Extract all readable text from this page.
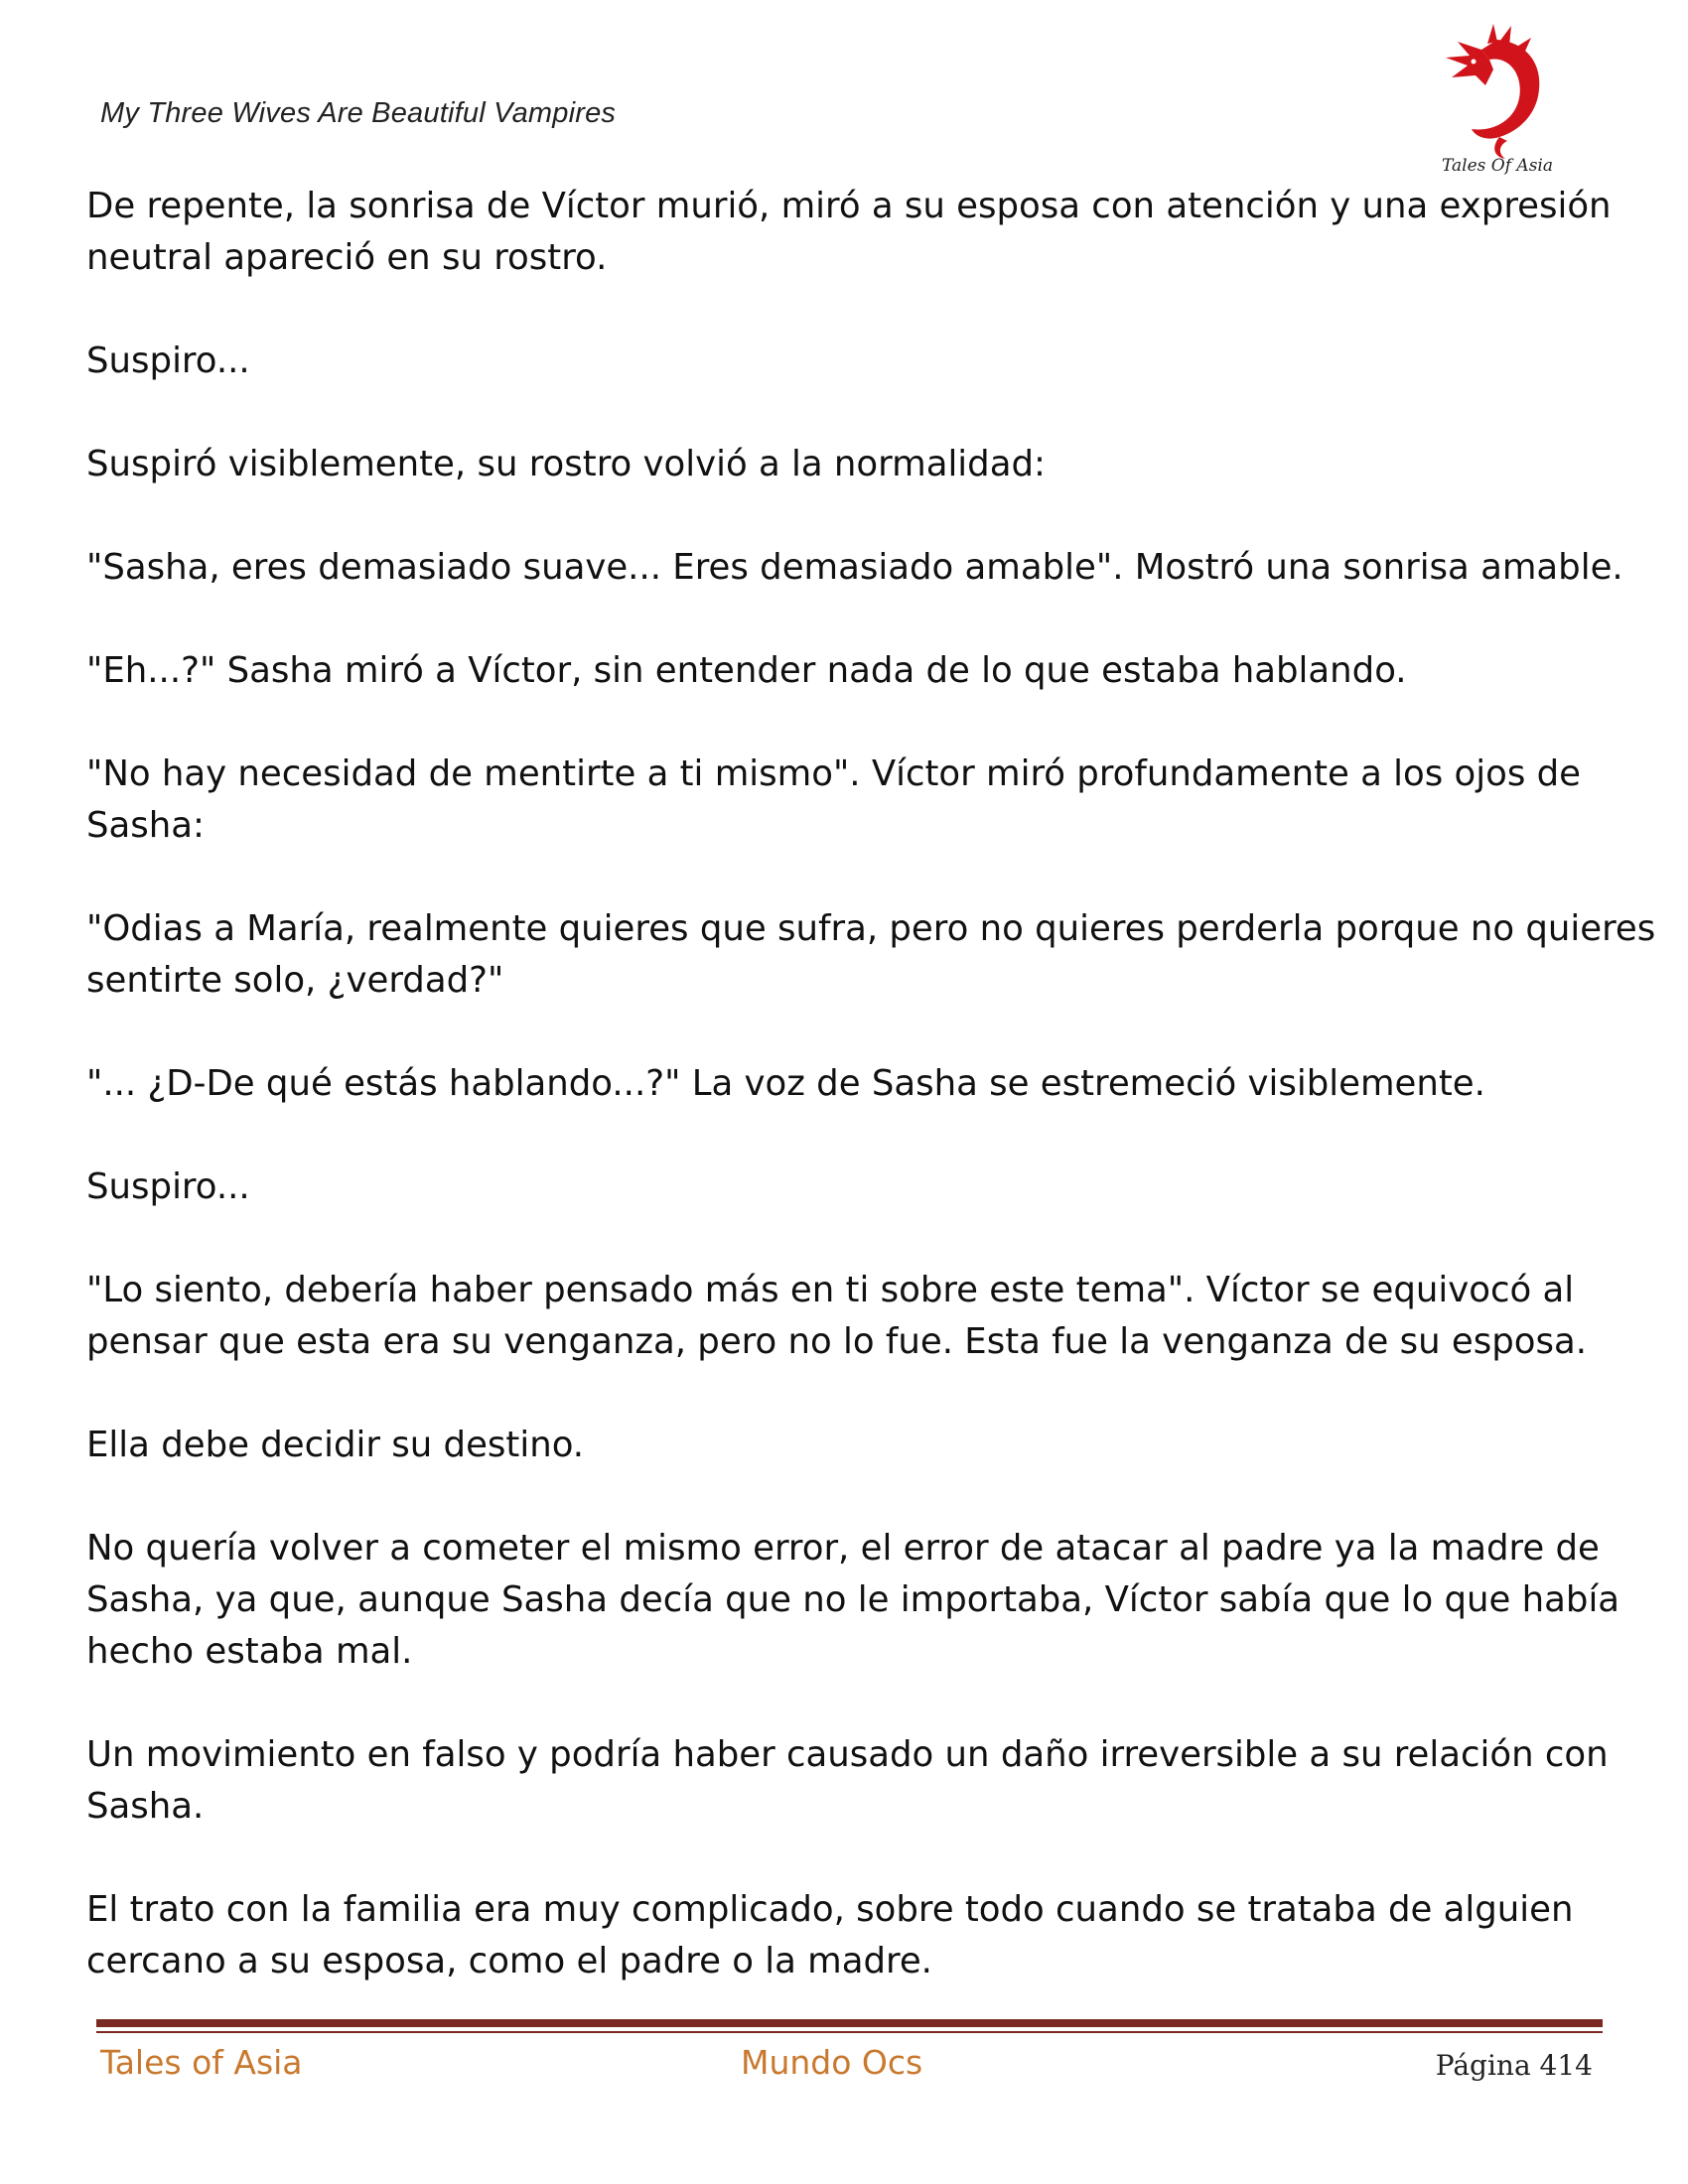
My Three Wives Are Beautiful Vampires
Tales Of Asia

De repente, la sonrisa de Víctor murió, miró a su esposa con atención y una expresión
neutral apareció en su rostro.

Suspiro...

Suspiró visiblemente, su rostro volvió a la normalidad:

"Sasha, eres demasiado suave... Eres demasiado amable". Mostró una sonrisa amable.

"Eh...?" Sasha miró a Víctor, sin entender nada de lo que estaba hablando.

"No hay necesidad de mentirte a ti mismo". Víctor miró profundamente a los ojos de
Sasha:

"Odias a María, realmente quieres que sufra, pero no quieres perderla porque no quieres
sentirte solo, ¿verdad?"

"... ¿D-De qué estás hablando...?" La voz de Sasha se estremeció visiblemente.

Suspiro...

"Lo siento, debería haber pensado más en ti sobre este tema". Víctor se equivocó al
pensar que esta era su venganza, pero no lo fue. Esta fue la venganza de su esposa.

Ella debe decidir su destino.

No quería volver a cometer el mismo error, el error de atacar al padre ya la madre de
Sasha, ya que, aunque Sasha decía que no le importaba, Víctor sabía que lo que había
hecho estaba mal.

Un movimiento en falso y podría haber causado un daño irreversible a su relación con
Sasha.

El trato con la familia era muy complicado, sobre todo cuando se trataba de alguien
cercano a su esposa, como el padre o la madre.

Tales of Asia	Mundo Ocs	Página 414
